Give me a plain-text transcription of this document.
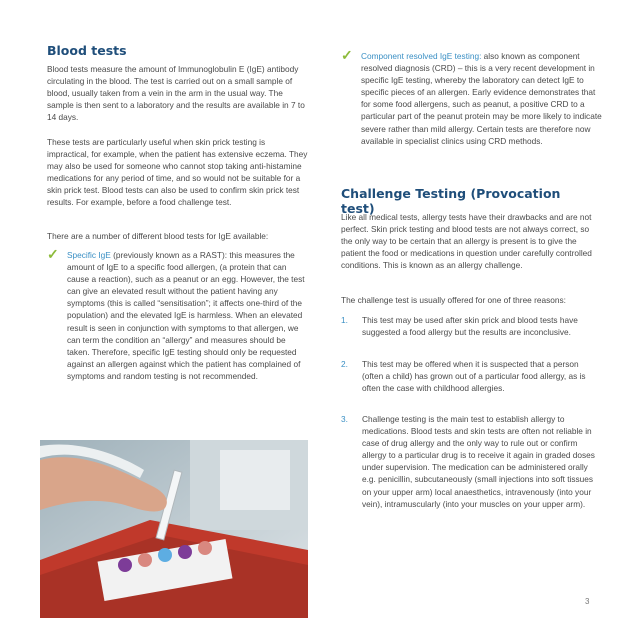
Blood tests

Blood tests measure the amount of Immunoglobulin E (IgE) antibody circulating in the blood. The test is carried out on a small sample of blood, usually taken from a vein in the arm in the usual way. The sample is then sent to a laboratory and the results are available in 7 to 14 days.

These tests are particularly useful when skin prick testing is impractical, for example, when the patient has extensive eczema. They may also be used for someone who cannot stop taking anti-histamine medications for any period of time, and so would not be suitable for a skin prick test. Blood tests can also be used to confirm skin prick test results. For example, before a food challenge test.

There are a number of different blood tests for IgE available:

✓ Specific IgE (previously known as a RAST): this measures the amount of IgE to a specific food allergen, (a protein that can cause a reaction), such as a peanut or an egg. However, the test can give an elevated result without the patient having any symptoms (this is called “sensitisation”; it affects one-third of the population) and the elevated IgE is harmless. When an elevated result is seen in conjunction with symptoms to that allergen, we can term the condition an “allergy” and measures should be taken. Therefore, specific IgE testing should only be requested against an allergen against which the patient has complained of symptoms and random testing is not recommended.

✓ Component resolved IgE testing: also known as component resolved diagnosis (CRD) – this is a very recent development in specific IgE testing, whereby the laboratory can detect IgE to specific pieces of an allergen. Early evidence demonstrates that for some food allergens, such as peanut, a positive CRD to a particular part of the peanut protein may be more likely to indicate severe rather than mild allergy. Certain tests are therefore now available in specialist clinics using CRD methods.

Challenge Testing (Provocation test)

Like all medical tests, allergy tests have their drawbacks and are not perfect. Skin prick testing and blood tests are not always correct, so the only way to be certain that an allergy is present is to give the patient the food or medications in question under carefully controlled conditions. This is known as an allergy challenge.

The challenge test is usually offered for one of three reasons:

1. This test may be used after skin prick and blood tests have suggested a food allergy but the results are inconclusive.

2. This test may be offered when it is suspected that a person (often a child) has grown out of a particular food allergy, as is often the case with childhood allergies.

3. Challenge testing is the main test to establish allergy to medications. Blood tests and skin tests are often not reliable in case of drug allergy and the only way to rule out or confirm allergy to a particular drug is to receive it again in graded doses under supervision. The medication can be administered orally e.g. penicillin, subcutaneously (small injections into soft tissues on your upper arm) local anaesthetics, intravenously (into your vein), intramuscularly (into your muscles on your upper arm).

3
